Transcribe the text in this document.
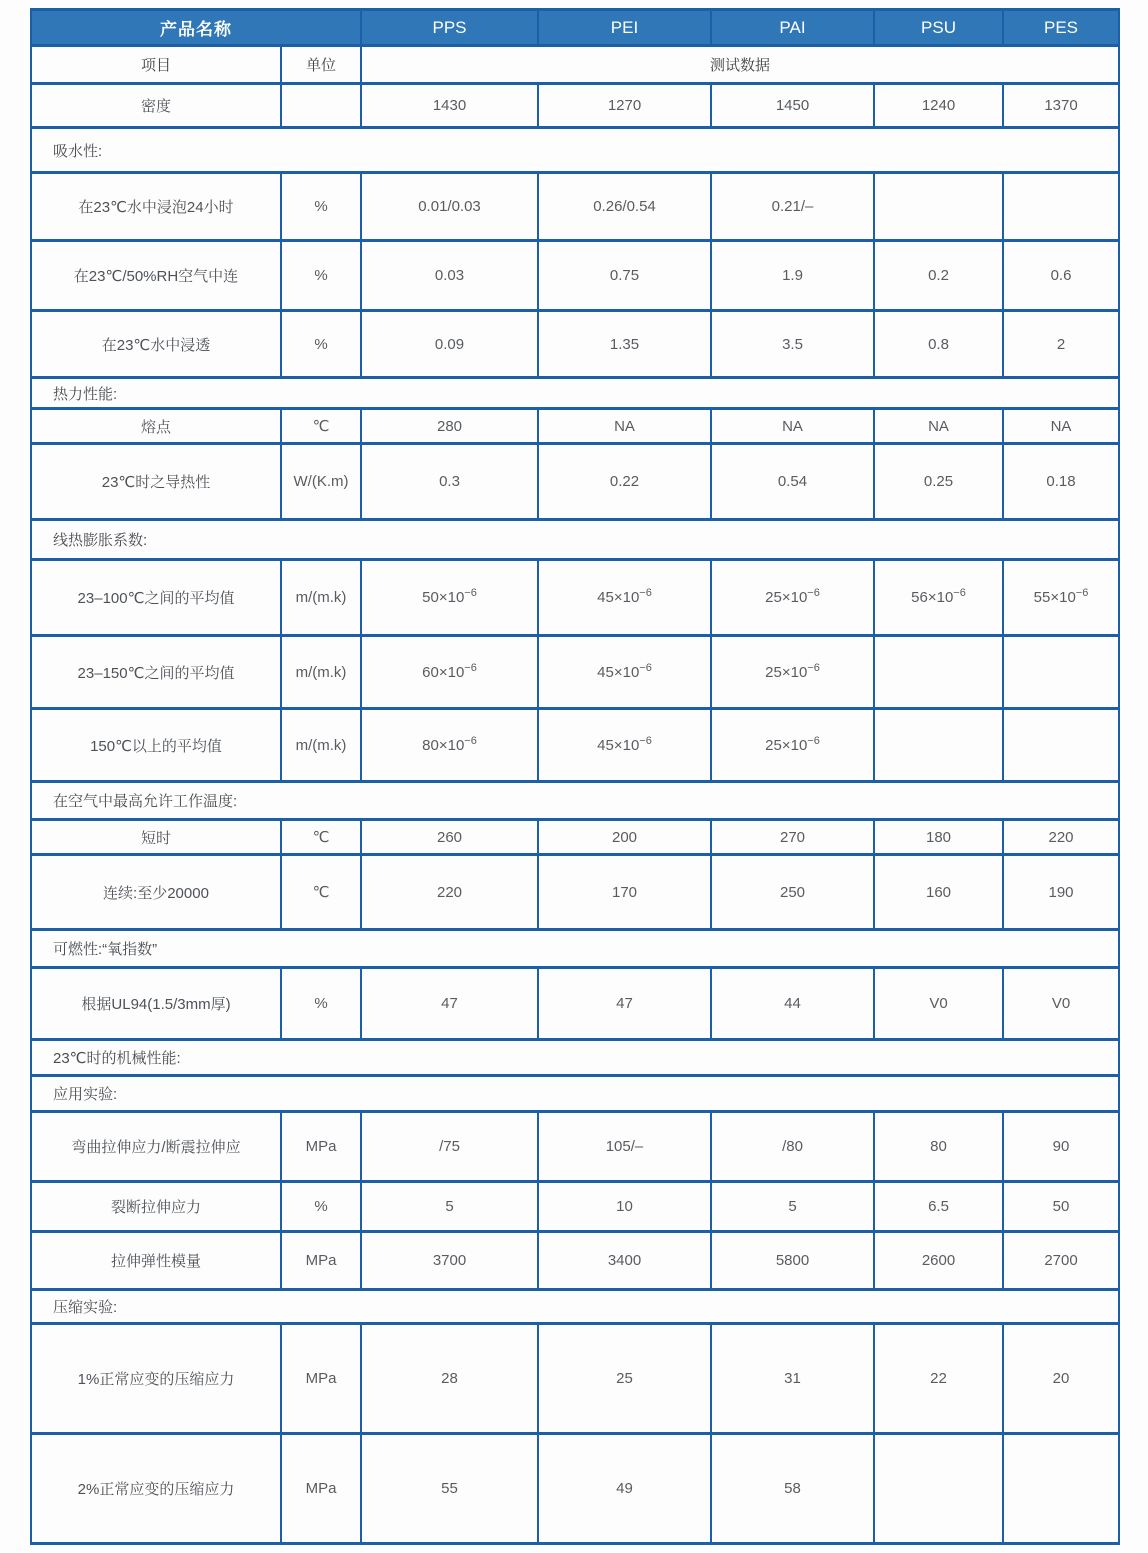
产品名称		PPS	PEI	PAI	PSU	PES
项目	单位	测试数据				
密度		1430	1270	1450	1240	1370
吸水性:						
在23℃水中浸泡24小时	%	0.01/0.03	0.26/0.54	0.21/–		
在23℃/50%RH空气中连	%	0.03	0.75	1.9	0.2	0.6
在23℃水中浸透	%	0.09	1.35	3.5	0.8	2
热力性能:						
熔点	℃	280	NA	NA	NA	NA
23℃时之导热性	W/(K.m)	0.3	0.22	0.54	0.25	0.18
线热膨胀系数:						
23–100℃之间的平均值	m/(m.k)	$50\times 10^{-6}$	$45\times 10^{-6}$	$25\times 10^{-6}$	$56\times 10^{-6}$	$55\times 10^{-6}$
23–150℃之间的平均值	m/(m.k)	$60\times 10^{-6}$	$45\times 10^{-6}$	$25\times 10^{-6}$		
150℃以上的平均值	m/(m.k)	$80\times 10^{-6}$	$45\times 10^{-6}$	$25\times 10^{-6}$		
在空气中最高允许工作温度:						
短时	℃	260	200	270	180	220
连续:至少20000	℃	220	170	250	160	190
可燃性:“氧指数”						
根据UL94(1.5/3mm厚)	%	47	47	44	V0	V0
23℃时的机械性能:						
应用实验:						
弯曲拉伸应力/断震拉伸应	MPa	/75	105/–	/80	80	90
裂断拉伸应力	%	5	10	5	6.5	50
拉伸弹性模量	MPa	3700	3400	5800	2600	2700
压缩实验:						
1%正常应变的压缩应力	MPa	28	25	31	22	20
2%正常应变的压缩应力	MPa	55	49	58		
